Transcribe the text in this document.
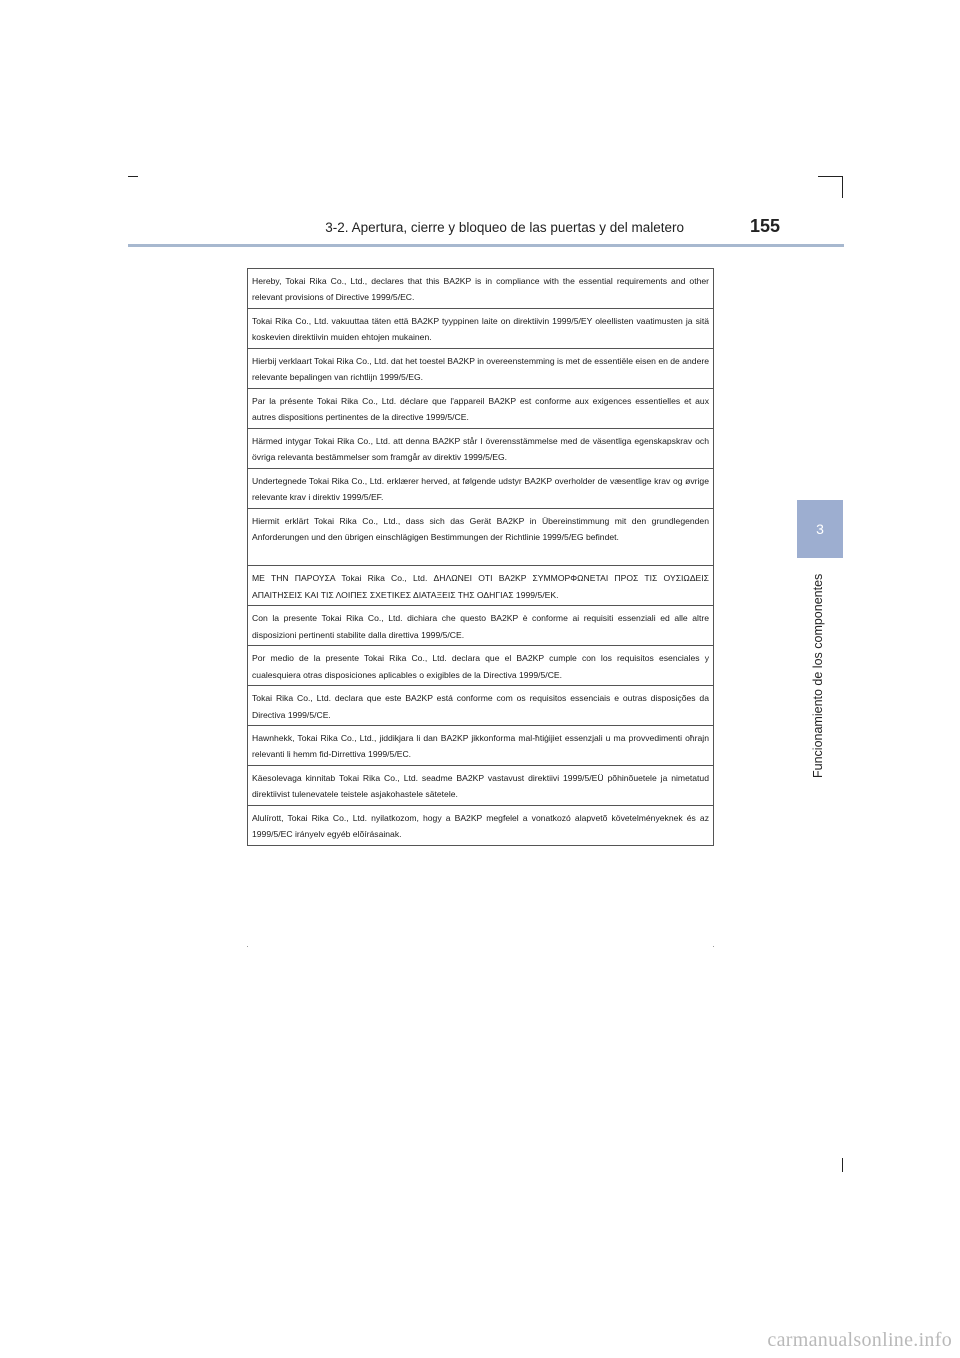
3-2. Apertura, cierre y bloqueo de las puertas y del maletero	155
3
Funcionamiento de los componentes
Hereby, Tokai Rika Co., Ltd., declares that this BA2KP is in compliance with the essential requirements and other relevant provisions of Directive 1999/5/EC.
Tokai Rika Co., Ltd. vakuuttaa täten että BA2KP tyyppinen laite on direktiivin 1999/5/EY oleellisten vaatimusten ja sitä koskevien direktiivin muiden ehtojen mukainen.
Hierbij verklaart Tokai Rika Co., Ltd. dat het toestel BA2KP in overeenstemming is met de essentiële eisen en de andere relevante bepalingen van richtlijn 1999/5/EG.
Par la présente Tokai Rika Co., Ltd. déclare que l'appareil BA2KP est conforme aux exigences essentielles et aux autres dispositions pertinentes de la directive 1999/5/CE.
Härmed intygar Tokai Rika Co., Ltd. att denna BA2KP står I överensstämmelse med de väsentliga egenskapskrav och övriga relevanta bestämmelser som framgår av direktiv 1999/5/EG.
Undertegnede Tokai Rika Co., Ltd. erklærer herved, at følgende udstyr BA2KP overholder de væsentlige krav og øvrige relevante krav i direktiv 1999/5/EF.
Hiermit erklärt Tokai Rika Co., Ltd., dass sich das Gerät BA2KP in Übereinstimmung mit den grundlegenden Anforderungen und den übrigen einschlägigen Bestimmungen der Richtlinie 1999/5/EG befindet.
ΜΕ ΤΗΝ ΠΑΡΟΥΣΑ Tokai Rika Co., Ltd. ΔΗΛΩΝΕΙ ΟΤΙ BA2KP ΣΥΜΜΟΡΦΩΝΕΤΑΙ ΠΡΟΣ ΤΙΣ ΟΥΣΙΩΔΕΙΣ ΑΠΑΙΤΗΣΕΙΣ ΚΑΙ ΤΙΣ ΛΟΙΠΕΣ ΣΧΕΤΙΚΕΣ ΔΙΑΤΑΞΕΙΣ ΤΗΣ ΟΔΗΓΙΑΣ 1999/5/ΕΚ.
Con la presente Tokai Rika Co., Ltd. dichiara che questo BA2KP è conforme ai requisiti essenziali ed alle altre disposizioni pertinenti stabilite dalla direttiva 1999/5/CE.
Por medio de la presente Tokai Rika Co., Ltd. declara que el BA2KP cumple con los requisitos esenciales y cualesquiera otras disposiciones aplicables o exigibles de la Directiva 1999/5/CE.
Tokai Rika Co., Ltd. declara que este BA2KP está conforme com os requisitos essenciais e outras disposições da Directiva 1999/5/CE.
Hawnhekk, Tokai Rika Co., Ltd., jiddikjara li dan BA2KP jikkonforma mal-ħtiġijiet essenzjali u ma provvedimenti oħrajn relevanti li hemm fid-Dirrettiva 1999/5/EC.
Käesolevaga kinnitab Tokai Rika Co., Ltd. seadme BA2KP vastavust direktiivi 1999/5/EÜ põhinõuetele ja nimetatud direktiivist tulenevatele teistele asjakohastele sätetele.
Alulírott, Tokai Rika Co., Ltd. nyilatkozom, hogy a BA2KP megfelel a vonatkozó alapvetõ követelményeknek és az 1999/5/EC irányelv egyéb elõírásainak.
carmanualsonline.info
